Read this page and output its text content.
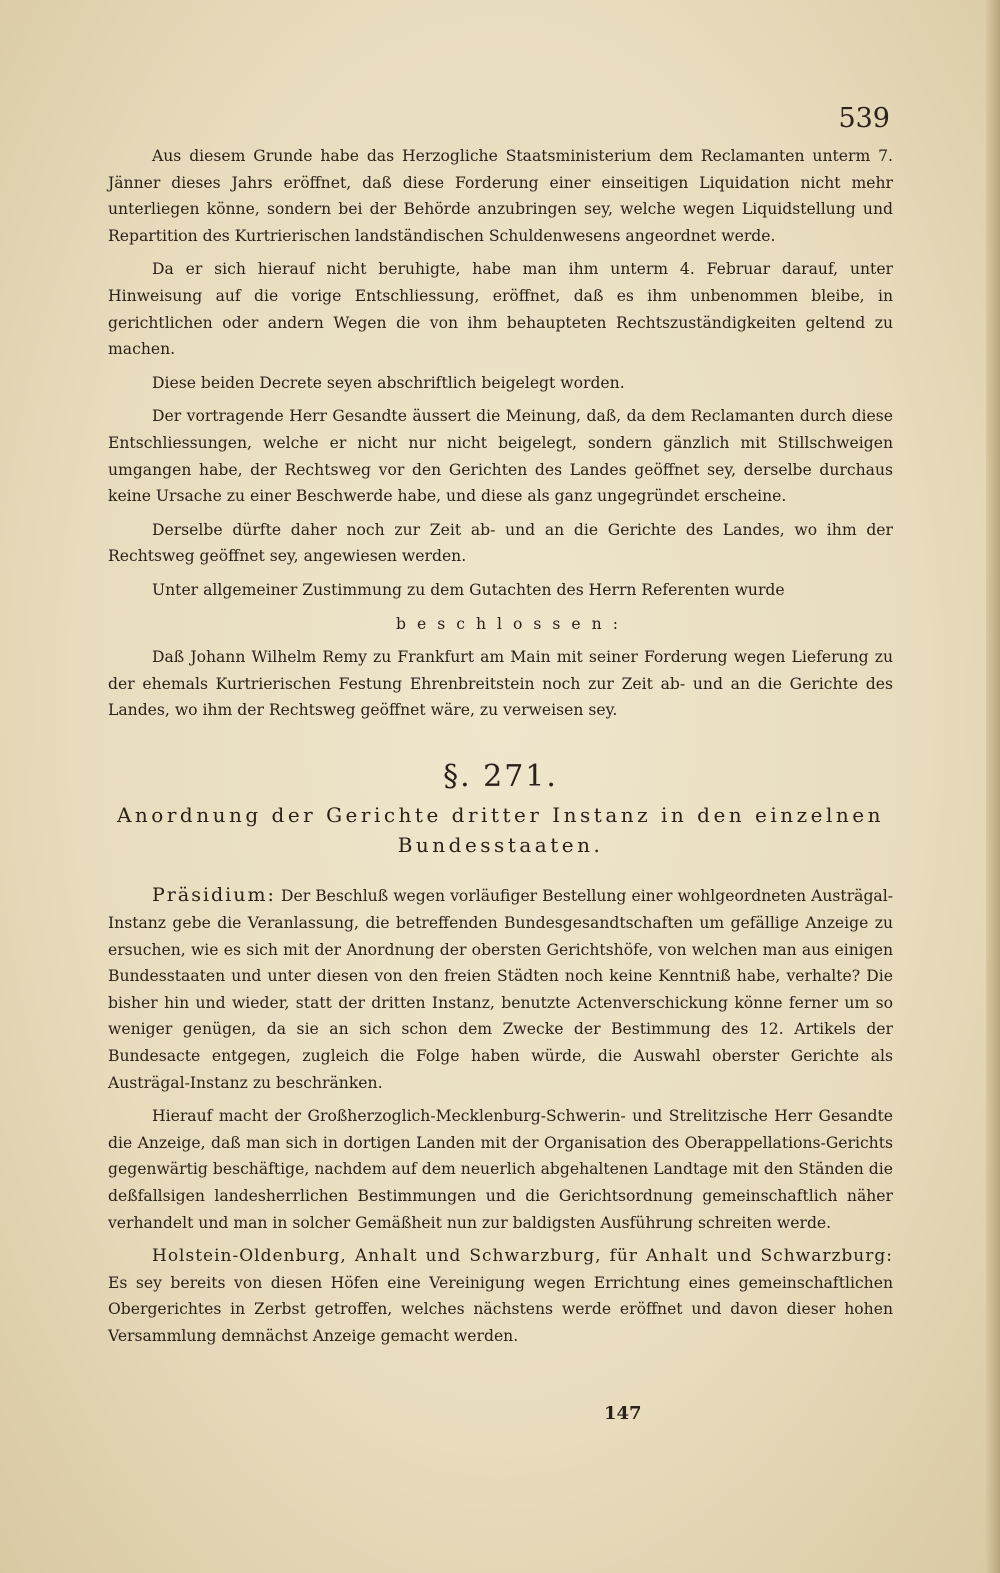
539

Aus diesem Grunde habe das Herzogliche Staatsministerium dem Reclamanten unterm 7. Jänner dieses Jahrs eröffnet, daß diese Forderung einer einseitigen Liquidation nicht mehr unterliegen könne, sondern bei der Behörde anzubringen sey, welche wegen Liquidstellung und Repartition des Kurtrierischen landständischen Schuldenwesens angeordnet werde.

Da er sich hierauf nicht beruhigte, habe man ihm unterm 4. Februar darauf, unter Hinweisung auf die vorige Entschliessung, eröffnet, daß es ihm unbenommen bleibe, in gerichtlichen oder andern Wegen die von ihm behaupteten Rechtszuständigkeiten geltend zu machen.

Diese beiden Decrete seyen abschriftlich beigelegt worden.

Der vortragende Herr Gesandte äussert die Meinung, daß, da dem Reclamanten durch diese Entschliessungen, welche er nicht nur nicht beigelegt, sondern gänzlich mit Stillschweigen umgangen habe, der Rechtsweg vor den Gerichten des Landes geöffnet sey, derselbe durchaus keine Ursache zu einer Beschwerde habe, und diese als ganz ungegründet erscheine.

Derselbe dürfte daher noch zur Zeit ab- und an die Gerichte des Landes, wo ihm der Rechtsweg geöffnet sey, angewiesen werden.

Unter allgemeiner Zustimmung zu dem Gutachten des Herrn Referenten wurde

beschlossen:

Daß Johann Wilhelm Remy zu Frankfurt am Main mit seiner Forderung wegen Lieferung zu der ehemals Kurtrierischen Festung Ehrenbreitstein noch zur Zeit ab- und an die Gerichte des Landes, wo ihm der Rechtsweg geöffnet wäre, zu verweisen sey.

§. 271.
Anordnung der Gerichte dritter Instanz in den einzelnen
Bundesstaaten.

Präsidium: Der Beschluß wegen vorläufiger Bestellung einer wohlgeordneten Austrägal-Instanz gebe die Veranlassung, die betreffenden Bundesgesandtschaften um gefällige Anzeige zu ersuchen, wie es sich mit der Anordnung der obersten Gerichtshöfe, von welchen man aus einigen Bundesstaaten und unter diesen von den freien Städten noch keine Kenntniß habe, verhalte? Die bisher hin und wieder, statt der dritten Instanz, benutzte Actenverschickung könne ferner um so weniger genügen, da sie an sich schon dem Zwecke der Bestimmung des 12. Artikels der Bundesacte entgegen, zugleich die Folge haben würde, die Auswahl oberster Gerichte als Austrägal-Instanz zu beschränken.

Hierauf macht der Großherzoglich-Mecklenburg-Schwerin- und Strelitzische Herr Gesandte die Anzeige, daß man sich in dortigen Landen mit der Organisation des Oberappellations-Gerichts gegenwärtig beschäftige, nachdem auf dem neuerlich abgehaltenen Landtage mit den Ständen die deßfallsigen landesherrlichen Bestimmungen und die Gerichtsordnung gemeinschaftlich näher verhandelt und man in solcher Gemäßheit nun zur baldigsten Ausführung schreiten werde.

Holstein-Oldenburg, Anhalt und Schwarzburg, für Anhalt und Schwarzburg: Es sey bereits von diesen Höfen eine Vereinigung wegen Errichtung eines gemeinschaftlichen Obergerichtes in Zerbst getroffen, welches nächstens werde eröffnet und davon dieser hohen Versammlung demnächst Anzeige gemacht werden.

147
